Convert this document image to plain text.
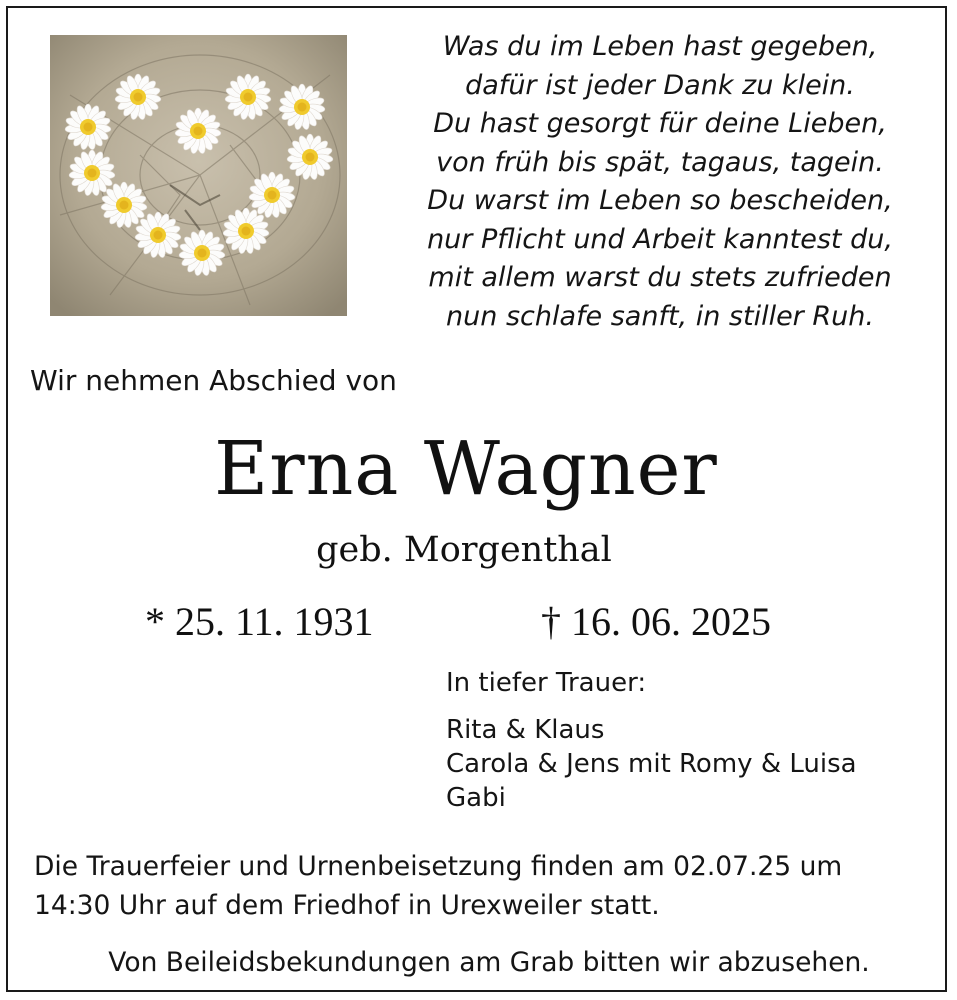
Was du im Leben hast gegeben,
dafür ist jeder Dank zu klein.
Du hast gesorgt für deine Lieben,
von früh bis spät, tagaus, tagein.
Du warst im Leben so bescheiden,
nur Pflicht und Arbeit kanntest du,
mit allem warst du stets zufrieden
nun schlafe sanft, in stiller Ruh.
Wir nehmen Abschied von
Erna Wagner
geb. Morgenthal
* 25. 11. 1931	† 16. 06. 2025
In tiefer Trauer:
Rita & Klaus
Carola & Jens mit Romy & Luisa
Gabi
Die Trauerfeier und Urnenbeisetzung finden am 02.07.25 um
14:30 Uhr auf dem Friedhof in Urexweiler statt.
Von Beileidsbekundungen am Grab bitten wir abzusehen.
